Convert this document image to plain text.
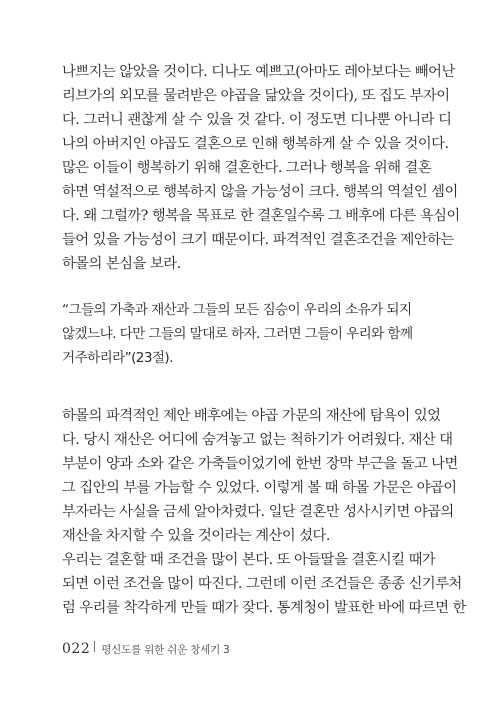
나쁘지는 않았을 것이다. 디나도 예쁘고(아마도 레아보다는 빼어난
리브가의 외모를 물려받은 야곱을 닮았을 것이다), 또 집도 부자이
다. 그러니 괜찮게 살 수 있을 것 같다. 이 정도면 디나뿐 아니라 디
나의 아버지인 야곱도 결혼으로 인해 행복하게 살 수 있을 것이다.
많은 이들이 행복하기 위해 결혼한다. 그러나 행복을 위해 결혼
하면 역설적으로 행복하지 않을 가능성이 크다. 행복의 역설인 셈이
다. 왜 그럴까? 행복을 목표로 한 결혼일수록 그 배후에 다른 욕심이
들어 있을 가능성이 크기 때문이다. 파격적인 결혼조건을 제안하는
하몰의 본심을 보라.
“그들의 가축과 재산과 그들의 모든 짐승이 우리의 소유가 되지
않겠느냐. 다만 그들의 말대로 하자. 그러면 그들이 우리와 함께
거주하리라”(23절).
하몰의 파격적인 제안 배후에는 야곱 가문의 재산에 탐욕이 있었
다. 당시 재산은 어디에 숨겨놓고 없는 척하기가 어려웠다. 재산 대
부분이 양과 소와 같은 가축들이었기에 한번 장막 부근을 돌고 나면
그 집안의 부를 가늠할 수 있었다. 이렇게 볼 때 하몰 가문은 야곱이
부자라는 사실을 금세 알아차렸다. 일단 결혼만 성사시키면 야곱의
재산을 차지할 수 있을 것이라는 계산이 섰다.
우리는 결혼할 때 조건을 많이 본다. 또 아들딸을 결혼시킬 때가
되면 이런 조건을 많이 따진다. 그런데 이런 조건들은 종종 신기루처
럼 우리를 착각하게 만들 때가 잦다. 통계청이 발표한 바에 따르면 한
022 평신도를 위한 쉬운 창세기 3
